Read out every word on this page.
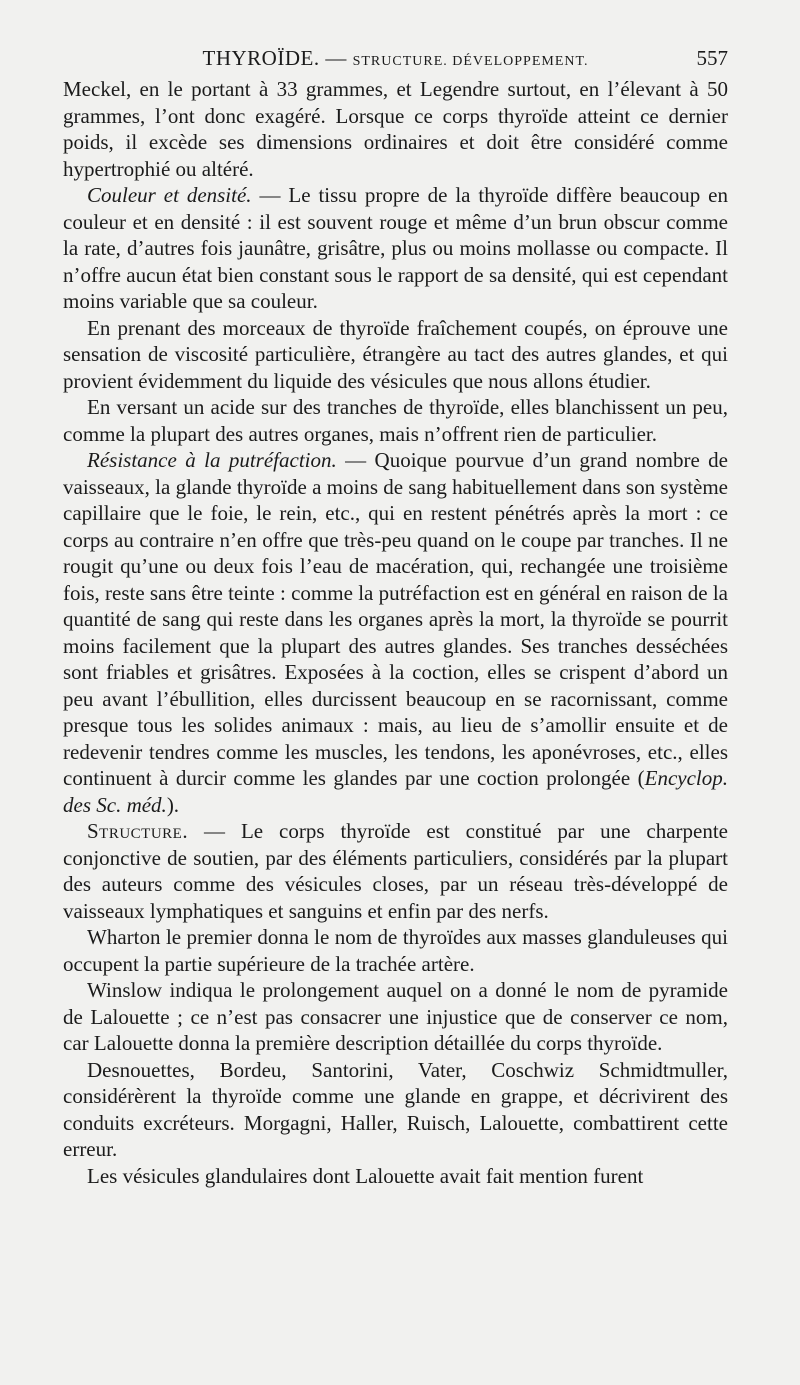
THYROÏDE. — STRUCTURE. DÉVELOPPEMENT.	557

Meckel, en le portant à 33 grammes, et Legendre surtout, en l’élevant à 50 grammes, l’ont donc exagéré. Lorsque ce corps thyroïde atteint ce dernier poids, il excède ses dimensions ordinaires et doit être considéré comme hypertrophié ou altéré.

Couleur et densité. — Le tissu propre de la thyroïde diffère beaucoup en couleur et en densité : il est souvent rouge et même d’un brun obscur comme la rate, d’autres fois jaunâtre, grisâtre, plus ou moins mollasse ou compacte. Il n’offre aucun état bien constant sous le rapport de sa densité, qui est cependant moins variable que sa couleur.

En prenant des morceaux de thyroïde fraîchement coupés, on éprouve une sensation de viscosité particulière, étrangère au tact des autres glandes, et qui provient évidemment du liquide des vésicules que nous allons étudier.

En versant un acide sur des tranches de thyroïde, elles blanchissent un peu, comme la plupart des autres organes, mais n’offrent rien de particulier.

Résistance à la putréfaction. — Quoique pourvue d’un grand nombre de vaisseaux, la glande thyroïde a moins de sang habituellement dans son système capillaire que le foie, le rein, etc., qui en restent pénétrés après la mort : ce corps au contraire n’en offre que très-peu quand on le coupe par tranches. Il ne rougit qu’une ou deux fois l’eau de macération, qui, rechangée une troisième fois, reste sans être teinte : comme la putréfaction est en général en raison de la quantité de sang qui reste dans les organes après la mort, la thyroïde se pourrit moins facilement que la plupart des autres glandes. Ses tranches desséchées sont friables et grisâtres. Exposées à la coction, elles se crispent d’abord un peu avant l’ébullition, elles durcissent beaucoup en se racornissant, comme presque tous les solides animaux : mais, au lieu de s’amollir ensuite et de redevenir tendres comme les muscles, les tendons, les aponévroses, etc., elles continuent à durcir comme les glandes par une coction prolongée (Encyclop. des Sc. méd.).

Structure. — Le corps thyroïde est constitué par une charpente conjonctive de soutien, par des éléments particuliers, considérés par la plupart des auteurs comme des vésicules closes, par un réseau très-développé de vaisseaux lymphatiques et sanguins et enfin par des nerfs.

Wharton le premier donna le nom de thyroïdes aux masses glanduleuses qui occupent la partie supérieure de la trachée artère.

Winslow indiqua le prolongement auquel on a donné le nom de pyramide de Lalouette ; ce n’est pas consacrer une injustice que de conserver ce nom, car Lalouette donna la première description détaillée du corps thyroïde.

Desnouettes, Bordeu, Santorini, Vater, Coschwiz Schmidtmuller, considérèrent la thyroïde comme une glande en grappe, et décrivirent des conduits excréteurs. Morgagni, Haller, Ruisch, Lalouette, combattirent cette erreur.

Les vésicules glandulaires dont Lalouette avait fait mention furent
